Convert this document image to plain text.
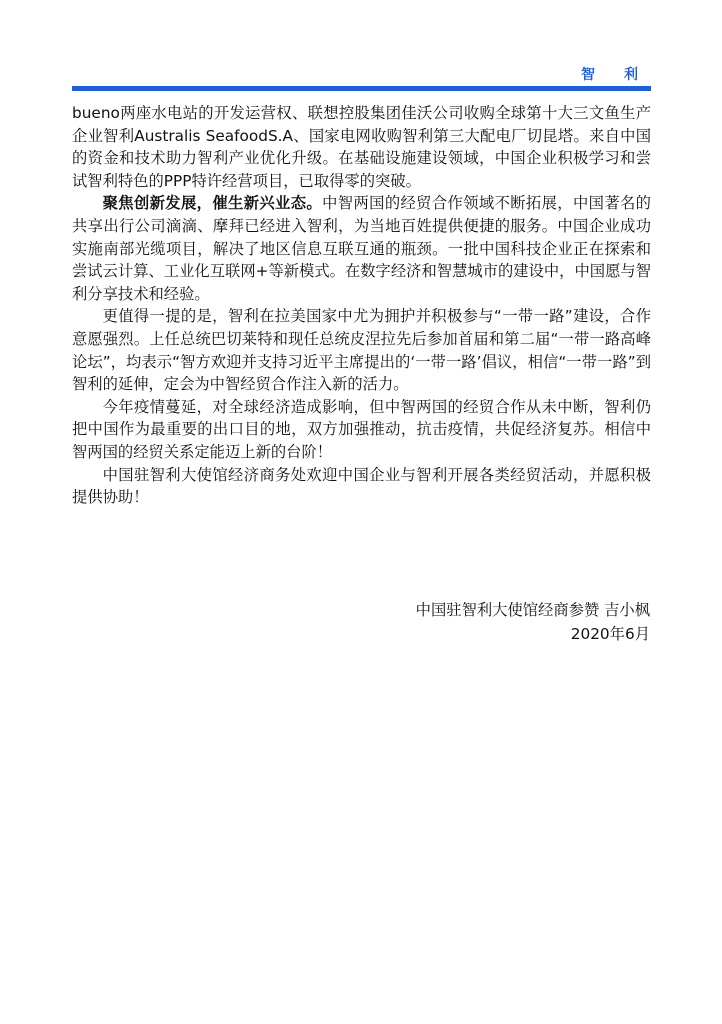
智 利

bueno两座水电站的开发运营权、联想控股集团佳沃公司收购全球第十大三文鱼生产企业智利Australis SeafoodS.A、国家电网收购智利第三大配电厂切昆塔。来自中国的资金和技术助力智利产业优化升级。在基础设施建设领域，中国企业积极学习和尝试智利特色的PPP特许经营项目，已取得零的突破。

聚焦创新发展，催生新兴业态。中智两国的经贸合作领域不断拓展，中国著名的共享出行公司滴滴、摩拜已经进入智利，为当地百姓提供便捷的服务。中国企业成功实施南部光缆项目，解决了地区信息互联互通的瓶颈。一批中国科技企业正在探索和尝试云计算、工业化互联网+等新模式。在数字经济和智慧城市的建设中，中国愿与智利分享技术和经验。

更值得一提的是，智利在拉美国家中尤为拥护并积极参与“一带一路”建设，合作意愿强烈。上任总统巴切莱特和现任总统皮涅拉先后参加首届和第二届“一带一路高峰论坛”，均表示“智方欢迎并支持习近平主席提出的‘一带一路’倡议，相信“一带一路”到智利的延伸，定会为中智经贸合作注入新的活力。

今年疫情蔓延，对全球经济造成影响，但中智两国的经贸合作从未中断，智利仍把中国作为最重要的出口目的地，双方加强推动，抗击疫情，共促经济复苏。相信中智两国的经贸关系定能迈上新的台阶！

中国驻智利大使馆经济商务处欢迎中国企业与智利开展各类经贸活动，并愿积极提供协助！

中国驻智利大使馆经商参赞 吉小枫
2020年6月
